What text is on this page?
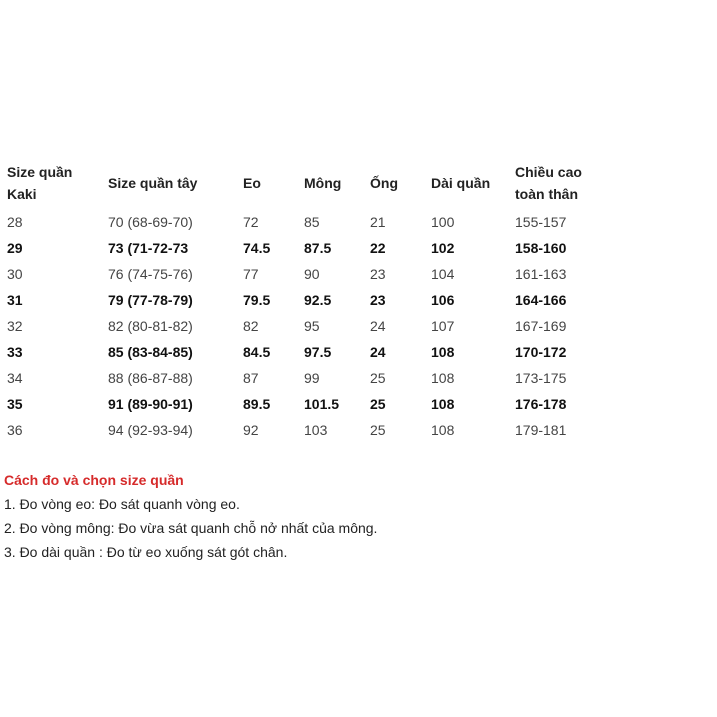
Size quần
Kaki	Size quần tây	Eo	Mông	Ống	Dài quần	Chiều cao
toàn thân
28	70 (68-69-70)	72	85	21	100	155-157
29	73 (71-72-73	74.5	87.5	22	102	158-160
30	76 (74-75-76)	77	90	23	104	161-163
31	79 (77-78-79)	79.5	92.5	23	106	164-166
32	82 (80-81-82)	82	95	24	107	167-169
33	85 (83-84-85)	84.5	97.5	24	108	170-172
34	88 (86-87-88)	87	99	25	108	173-175
35	91 (89-90-91)	89.5	101.5	25	108	176-178
36	94 (92-93-94)	92	103	25	108	179-181
Cách đo và chọn size quần
1. Đo vòng eo: Đo sát quanh vòng eo.
2. Đo vòng mông: Đo vừa sát quanh chỗ nở nhất của mông.
3. Đo dài quần : Đo từ eo xuống sát gót chân.
